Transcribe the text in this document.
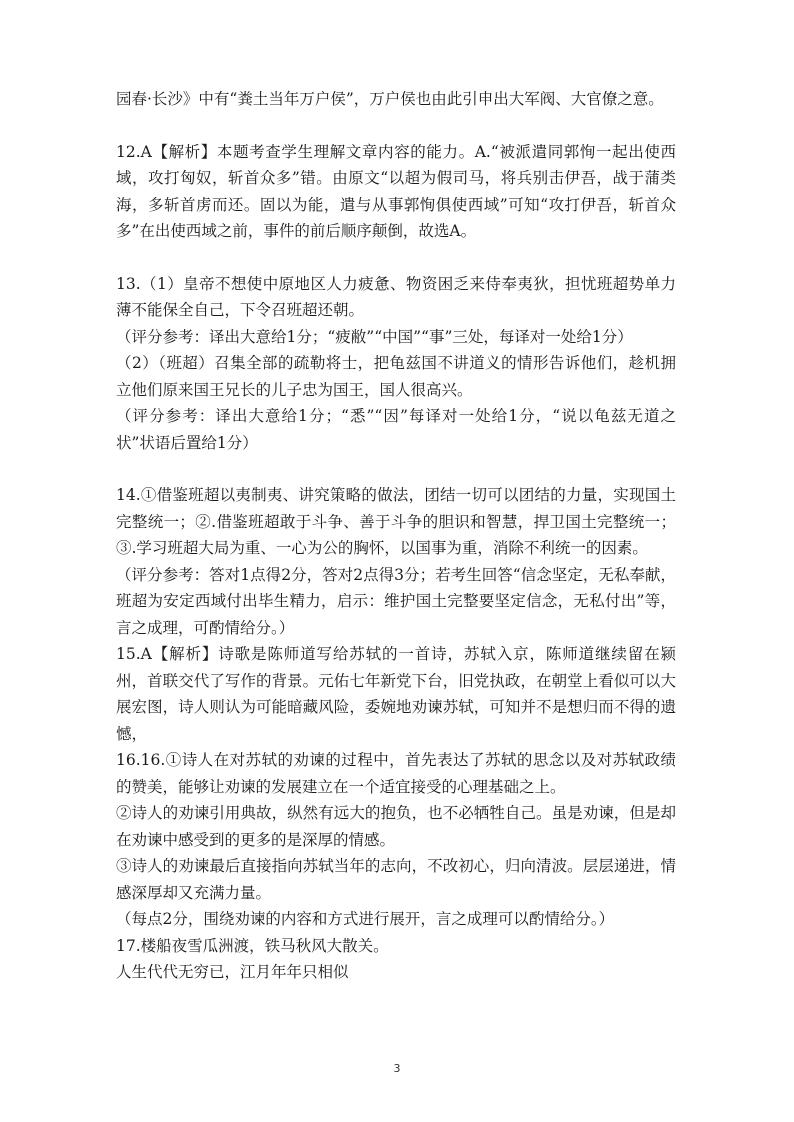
园春·长沙》中有“粪土当年万户侯”，万户侯也由此引申出大军阀、大官僚之意。

12.A【解析】本题考查学生理解文章内容的能力。A.“被派遣同郭恂一起出使西域，攻打匈奴，斩首众多”错。由原文“以超为假司马，将兵别击伊吾，战于蒲类海，多斩首虏而还。固以为能，遣与从事郭恂俱使西域”可知“攻打伊吾，斩首众多”在出使西域之前，事件的前后顺序颠倒，故选A。

13.（1）皇帝不想使中原地区人力疲惫、物资困乏来侍奉夷狄，担忧班超势单力薄不能保全自己，下令召班超还朝。

（评分参考：译出大意给1分；“疲敝”“中国”“事”三处，每译对一处给1分）

（2）（班超）召集全部的疏勒将士，把龟兹国不讲道义的情形告诉他们，趁机拥立他们原来国王兄长的儿子忠为国王，国人很高兴。

（评分参考：译出大意给1分；“悉”“因”每译对一处给1分，“说以龟兹无道之状”状语后置给1分）

14.①借鉴班超以夷制夷、讲究策略的做法，团结一切可以团结的力量，实现国土完整统一；②.借鉴班超敢于斗争、善于斗争的胆识和智慧，捍卫国土完整统一；③.学习班超大局为重、一心为公的胸怀，以国事为重，消除不利统一的因素。

（评分参考：答对1点得2分，答对2点得3分；若考生回答“信念坚定，无私奉献，班超为安定西域付出毕生精力，启示：维护国土完整要坚定信念，无私付出”等，言之成理，可酌情给分。）

15.A【解析】诗歌是陈师道写给苏轼的一首诗，苏轼入京，陈师道继续留在颍州，首联交代了写作的背景。元佑七年新党下台，旧党执政，在朝堂上看似可以大展宏图，诗人则认为可能暗藏风险，委婉地劝谏苏轼，可知并不是想归而不得的遗憾，

16.16.①诗人在对苏轼的劝谏的过程中，首先表达了苏轼的思念以及对苏轼政绩的赞美，能够让劝谏的发展建立在一个适宜接受的心理基础之上。

②诗人的劝谏引用典故，纵然有远大的抱负，也不必牺牲自己。虽是劝谏，但是却在劝谏中感受到的更多的是深厚的情感。

③诗人的劝谏最后直接指向苏轼当年的志向，不改初心，归向清波。层层递进，情感深厚却又充满力量。

（每点2分，围绕劝谏的内容和方式进行展开，言之成理可以酌情给分。）

17.楼船夜雪瓜洲渡，铁马秋风大散关。

人生代代无穷已，江月年年只相似

3
